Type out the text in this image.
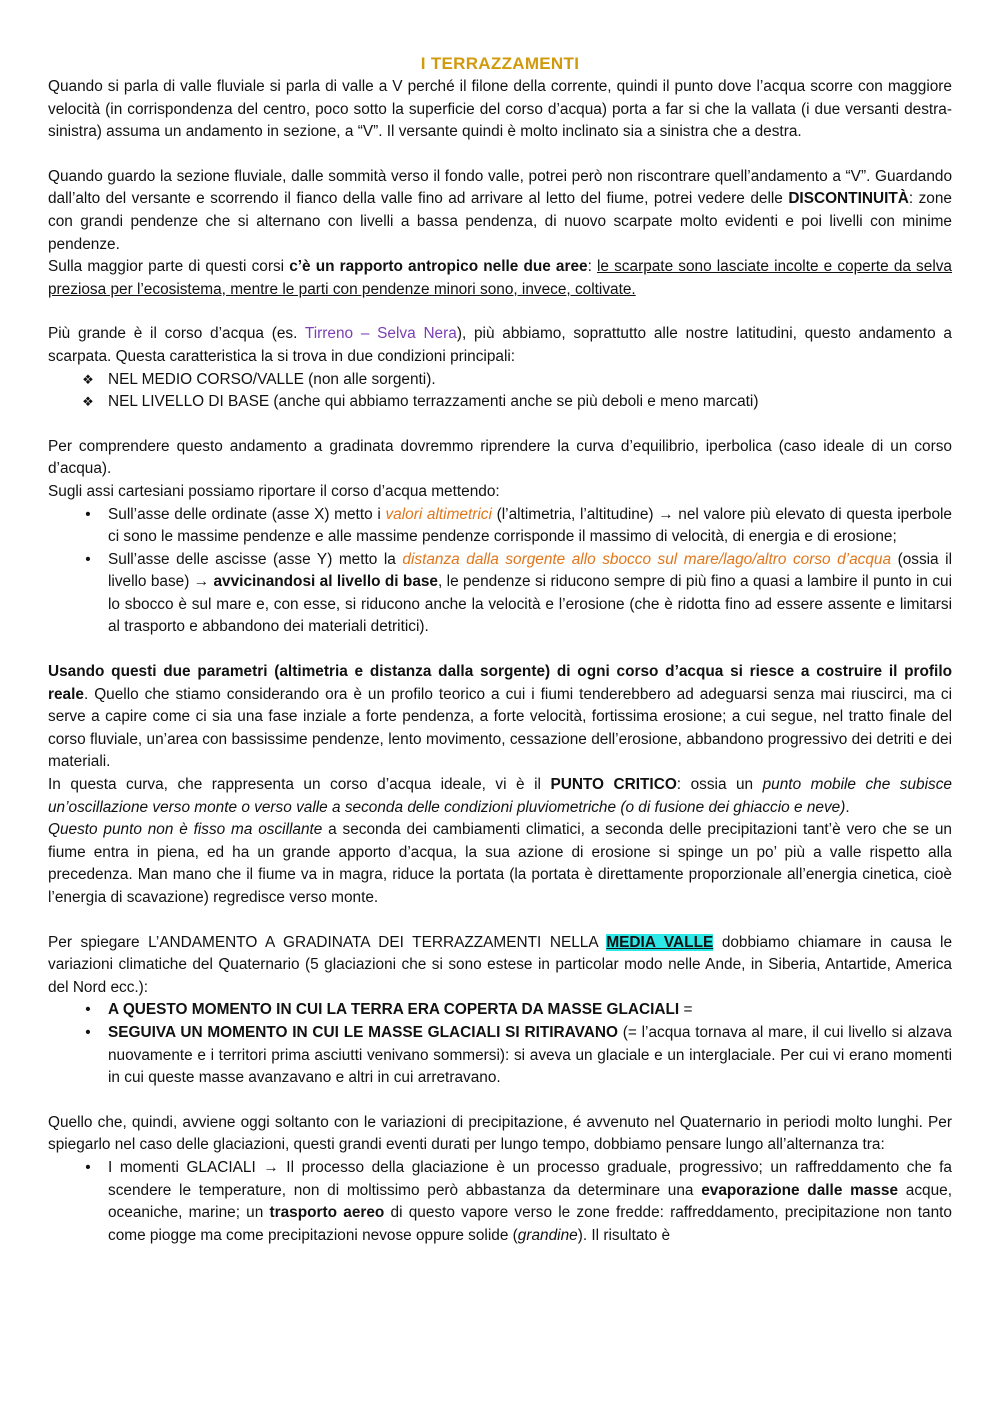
I TERRAZZAMENTI

Quando si parla di valle fluviale si parla di valle a V perché il filone della corrente, quindi il punto dove l’acqua scorre con maggiore velocità (in corrispondenza del centro, poco sotto la superficie del corso d’acqua) porta a far si che la vallata (i due versanti destra-sinistra) assuma un andamento in sezione, a “V”. Il versante quindi è molto inclinato sia a sinistra che a destra.

Quando guardo la sezione fluviale, dalle sommità verso il fondo valle, potrei però non riscontrare quell’andamento a “V”. Guardando dall’alto del versante e scorrendo il fianco della valle fino ad arrivare al letto del fiume, potrei vedere delle DISCONTINUITÀ: zone con grandi pendenze che si alternano con livelli a bassa pendenza, di nuovo scarpate molto evidenti e poi livelli con minime pendenze.

Sulla maggior parte di questi corsi c’è un rapporto antropico nelle due aree: le scarpate sono lasciate incolte e coperte da selva preziosa per l’ecosistema, mentre le parti con pendenze minori sono, invece, coltivate.

Più grande è il corso d’acqua (es. Tirreno – Selva Nera), più abbiamo, soprattutto alle nostre latitudini, questo andamento a scarpata. Questa caratteristica la si trova in due condizioni principali:

❖ NEL MEDIO CORSO/VALLE (non alle sorgenti).
❖ NEL LIVELLO DI BASE (anche qui abbiamo terrazzamenti anche se più deboli e meno marcati)

Per comprendere questo andamento a gradinata dovremmo riprendere la curva d’equilibrio, iperbolica (caso ideale di un corso d’acqua).

Sugli assi cartesiani possiamo riportare il corso d’acqua mettendo:

•	Sull’asse delle ordinate (asse X) metto i valori altimetrici (l’altimetria, l’altitudine) → nel valore più elevato di questa iperbole ci sono le massime pendenze e alle massime pendenze corrisponde il massimo di velocità, di energia e di erosione;
•	Sull’asse delle ascisse (asse Y) metto la distanza dalla sorgente allo sbocco sul mare/lago/altro corso d’acqua (ossia il livello base) → avvicinandosi al livello di base, le pendenze si riducono sempre di più fino a quasi a lambire il punto in cui lo sbocco è sul mare e, con esse, si riducono anche la velocità e l’erosione (che è ridotta fino ad essere assente e limitarsi al trasporto e abbandono dei materiali detritici).

Usando questi due parametri (altimetria e distanza dalla sorgente) di ogni corso d’acqua si riesce a costruire il profilo reale. Quello che stiamo considerando ora è un profilo teorico a cui i fiumi tenderebbero ad adeguarsi senza mai riuscirci, ma ci serve a capire come ci sia una fase inziale a forte pendenza, a forte velocità, fortissima erosione; a cui segue, nel tratto finale del corso fluviale, un’area con bassissime pendenze, lento movimento, cessazione dell’erosione, abbandono progressivo dei detriti e dei materiali.

In questa curva, che rappresenta un corso d’acqua ideale, vi è il PUNTO CRITICO: ossia un punto mobile che subisce un’oscillazione verso monte o verso valle a seconda delle condizioni pluviometriche (o di fusione dei ghiaccio e neve).

Questo punto non è fisso ma oscillante a seconda dei cambiamenti climatici, a seconda delle precipitazioni tant’è vero che se un fiume entra in piena, ed ha un grande apporto d’acqua, la sua azione di erosione si spinge un po’ più a valle rispetto alla precedenza. Man mano che il fiume va in magra, riduce la portata (la portata è direttamente proporzionale all’energia cinetica, cioè l’energia di scavazione) regredisce verso monte.

Per spiegare L’ANDAMENTO A GRADINATA DEI TERRAZZAMENTI NELLA MEDIA VALLE dobbiamo chiamare in causa le variazioni climatiche del Quaternario (5 glaciazioni che si sono estese in particolar modo nelle Ande, in Siberia, Antartide, America del Nord ecc.):

•	A QUESTO MOMENTO IN CUI LA TERRA ERA COPERTA DA MASSE GLACIALI =
•	SEGUIVA UN MOMENTO IN CUI LE MASSE GLACIALI SI RITIRAVANO (= l’acqua tornava al mare, il cui livello si alzava nuovamente e i territori prima asciutti venivano sommersi): si aveva un glaciale e un interglaciale. Per cui vi erano momenti in cui queste masse avanzavano e altri in cui arretravano.

Quello che, quindi, avviene oggi soltanto con le variazioni di precipitazione, é avvenuto nel Quaternario in periodi molto lunghi. Per spiegarlo nel caso delle glaciazioni, questi grandi eventi durati per lungo tempo, dobbiamo pensare lungo all’alternanza tra:

•	I momenti GLACIALI → Il processo della glaciazione è un processo graduale, progressivo; un raffreddamento che fa scendere le temperature, non di moltissimo però abbastanza da determinare una evaporazione dalle masse acque, oceaniche, marine; un trasporto aereo di questo vapore verso le zone fredde: raffreddamento, precipitazione non tanto come piogge ma come precipitazioni nevose oppure solide (grandine). Il risultato è
